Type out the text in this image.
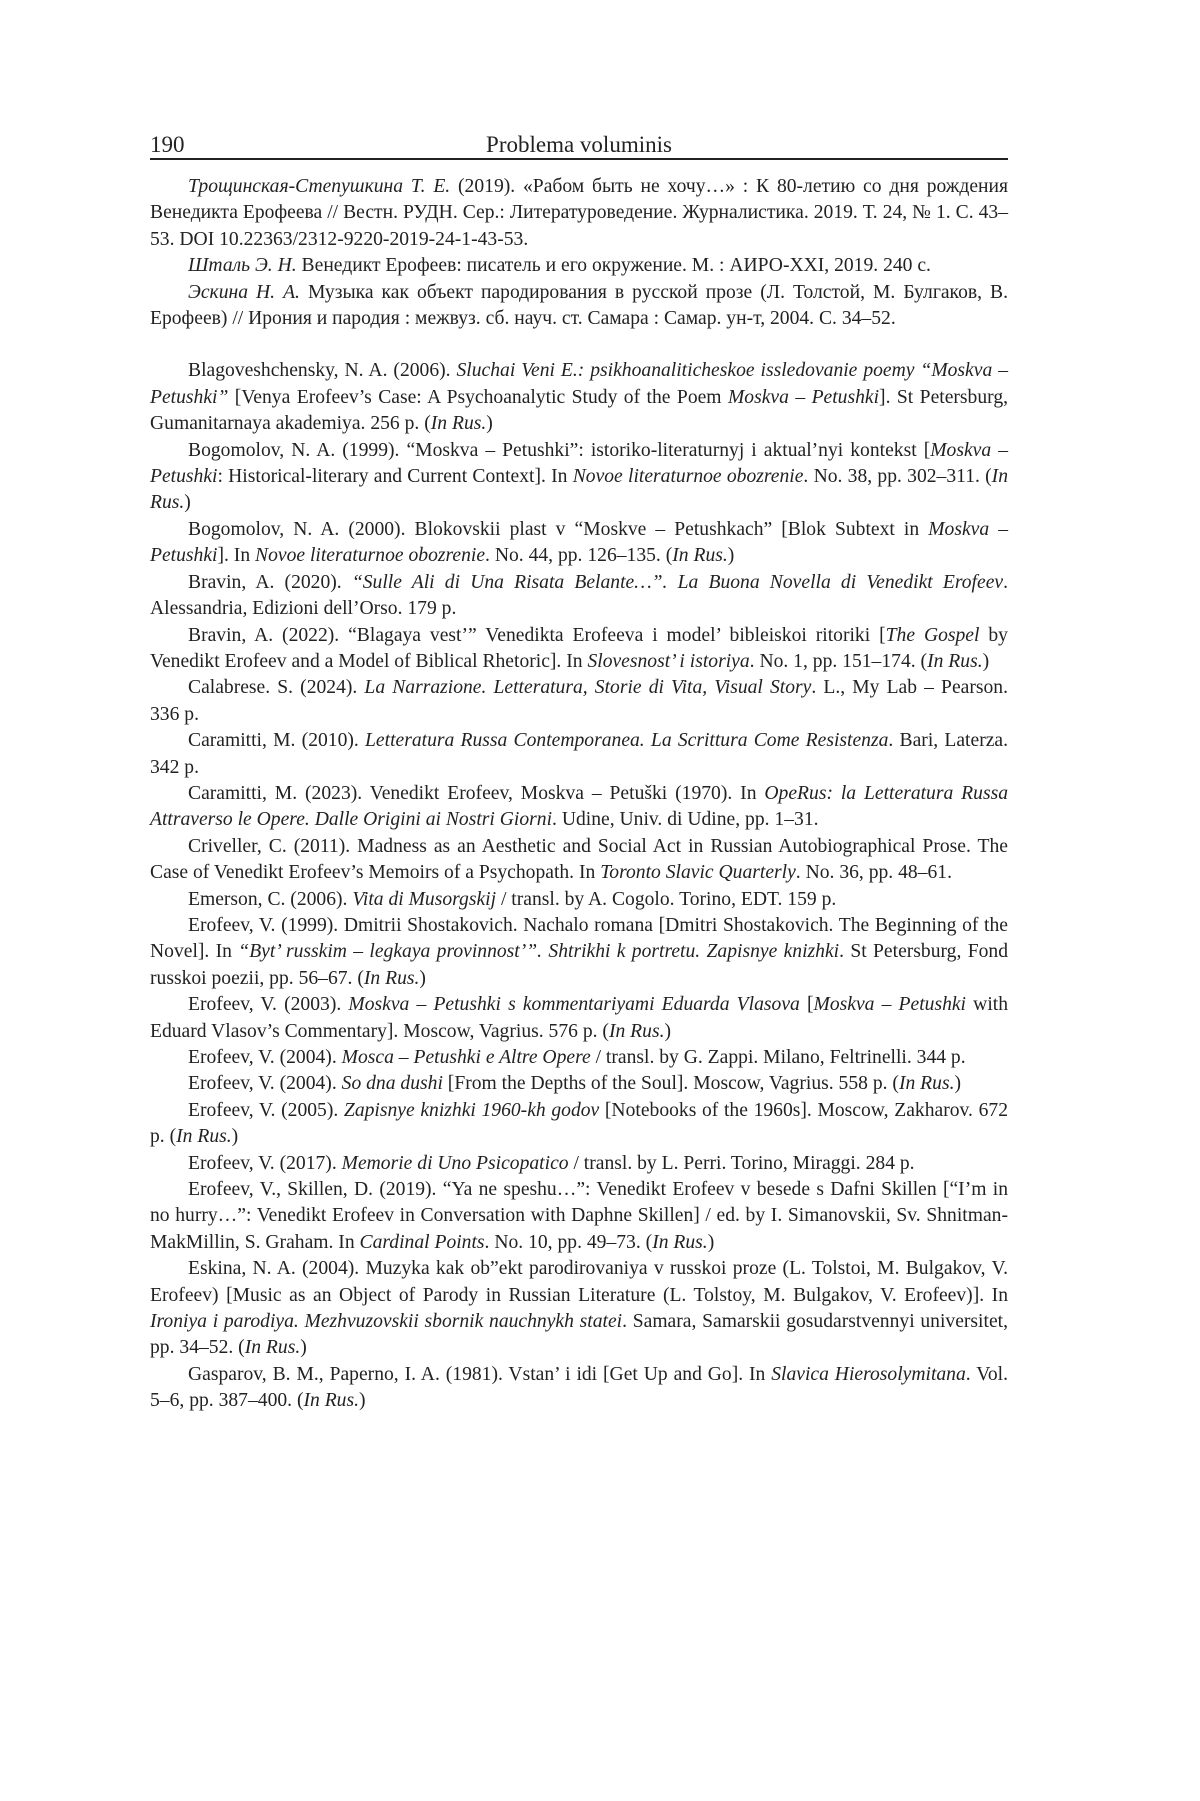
190	Problema voluminis

Трощинская-Степушкина Т. Е. (2019). «Рабом быть не хочу…» : К 80-летию со дня рождения Венедикта Ерофеева // Вестн. РУДН. Сер.: Литературоведение. Журналистика. 2019. Т. 24, № 1. С. 43–53. DOI 10.22363/2312-9220-2019-24-1-43-53.

Шталь Э. Н. Венедикт Ерофеев: писатель и его окружение. М. : АИРО-XXI, 2019. 240 с.

Эскина Н. А. Музыка как объект пародирования в русской прозе (Л. Толстой, М. Булгаков, В. Ерофеев) // Ирония и пародия : межвуз. сб. науч. ст. Самара : Самар. ун-т, 2004. С. 34–52.

Blagoveshchensky, N. A. (2006). Sluchai Veni E.: psikhoanaliticheskoe issledovanie poemy “Moskva – Petushki” [Venya Erofeev’s Case: A Psychoanalytic Study of the Poem Moskva – Petushki]. St Petersburg, Gumanitarnaya akademiya. 256 p. (In Rus.)

Bogomolov, N. A. (1999). “Moskva – Petushki”: istoriko-literaturnyj i aktual’nyi kontekst [Moskva – Petushki: Historical-literary and Current Context]. In Novoe literaturnoe obozrenie. No. 38, pp. 302–311. (In Rus.)

Bogomolov, N. A. (2000). Blokovskii plast v “Moskve – Petushkach” [Blok Subtext in Moskva – Petushki]. In Novoe literaturnoe obozrenie. No. 44, pp. 126–135. (In Rus.)

Bravin, A. (2020). “Sulle Ali di Una Risata Belante…”. La Buona Novella di Venedikt Erofeev. Alessandria, Edizioni dell’Orso. 179 p.

Bravin, A. (2022). “Blagaya vest’” Venedikta Erofeeva i model’ bibleiskoi ritoriki [The Gospel by Venedikt Erofeev and a Model of Biblical Rhetoric]. In Slovesnost’ i istoriya. No. 1, pp. 151–174. (In Rus.)

Calabrese. S. (2024). La Narrazione. Letteratura, Storie di Vita, Visual Story. L., My Lab – Pearson. 336 p.

Caramitti, M. (2010). Letteratura Russa Contemporanea. La Scrittura Come Resistenza. Bari, Laterza. 342 p.

Caramitti, M. (2023). Venedikt Erofeev, Moskva – Petuški (1970). In OpeRus: la Letteratura Russa Attraverso le Opere. Dalle Origini ai Nostri Giorni. Udine, Univ. di Udine, pp. 1–31.

Criveller, C. (2011). Madness as an Aesthetic and Social Act in Russian Autobiographical Prose. The Case of Venedikt Erofeev’s Memoirs of a Psychopath. In Toronto Slavic Quarterly. No. 36, pp. 48–61.

Emerson, C. (2006). Vita di Musorgskij / transl. by A. Cogolo. Torino, EDT. 159 p.

Erofeev, V. (1999). Dmitrii Shostakovich. Nachalo romana [Dmitri Shostakovich. The Beginning of the Novel]. In “Byt’ russkim – legkaya provinnost’”. Shtrikhi k portretu. Zapisnye knizhki. St Petersburg, Fond russkoi poezii, pp. 56–67. (In Rus.)

Erofeev, V. (2003). Moskva – Petushki s kommentariyami Eduarda Vlasova [Moskva – Petushki with Eduard Vlasov’s Commentary]. Moscow, Vagrius. 576 p. (In Rus.)

Erofeev, V. (2004). Mosca – Petushki e Altre Opere / transl. by G. Zappi. Milano, Feltrinelli. 344 p.

Erofeev, V. (2004). So dna dushi [From the Depths of the Soul]. Moscow, Vagrius. 558 p. (In Rus.)

Erofeev, V. (2005). Zapisnye knizhki 1960-kh godov [Notebooks of the 1960s]. Moscow, Zakharov. 672 p. (In Rus.)

Erofeev, V. (2017). Memorie di Uno Psicopatico / transl. by L. Perri. Torino, Miraggi. 284 p.

Erofeev, V., Skillen, D. (2019). “Ya ne speshu…”: Venedikt Erofeev v besede s Dafni Skillen [“I’m in no hurry…”: Venedikt Erofeev in Conversation with Daphne Skillen] / ed. by I. Simanovskii, Sv. Shnitman-MakMillin, S. Graham. In Cardinal Points. No. 10, pp. 49–73. (In Rus.)

Eskina, N. A. (2004). Muzyka kak ob”ekt parodirovaniya v russkoi proze (L. Tolstoi, M. Bulgakov, V. Erofeev) [Music as an Object of Parody in Russian Literature (L. Tolstoy, M. Bulgakov, V. Erofeev)]. In Ironiya i parodiya. Mezhvuzovskii sbornik nauchnykh statei. Samara, Samarskii gosudarstvennyi universitet, pp. 34–52. (In Rus.)

Gasparov, B. M., Paperno, I. A. (1981). Vstan’ i idi [Get Up and Go]. In Slavica Hierosolymitana. Vol. 5–6, pp. 387–400. (In Rus.)
